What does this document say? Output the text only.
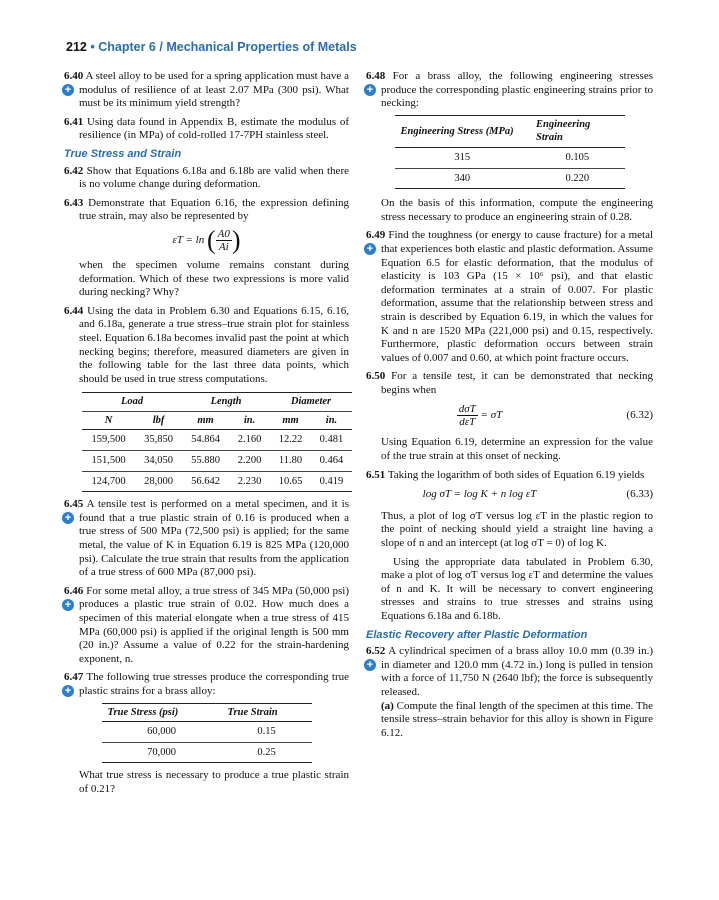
212 • Chapter 6 / Mechanical Properties of Metals
+
6.40 A steel alloy to be used for a spring application must have a modulus of resilience of at least 2.07 MPa (300 psi). What must be its minimum yield strength?
6.41 Using data found in Appendix B, estimate the modulus of resilience (in MPa) of cold-rolled 17-7PH stainless steel.
True Stress and Strain
6.42 Show that Equations 6.18a and 6.18b are valid when there is no volume change during deformation.
6.43 Demonstrate that Equation 6.16, the expression defining true strain, may also be represented by
εT = ln ( $\frac{A0}{Ai}$ )
when the specimen volume remains constant during deformation. Which of these two expressions is more valid during necking? Why?
6.44 Using the data in Problem 6.30 and Equations 6.15, 6.16, and 6.18a, generate a true stress–true strain plot for stainless steel. Equation 6.18a becomes invalid past the point at which necking begins; therefore, measured diameters are given in the following table for the last three data points, which should be used in true stress computations.
Load		Length		Diameter	
N	lbf	mm	in.	mm	in.
159,500	35,850	54.864	2.160	12.22	0.481
151,500	34,050	55.880	2.200	11.80	0.464
124,700	28,000	56.642	2.230	10.65	0.419
+
6.45 A tensile test is performed on a metal specimen, and it is found that a true plastic strain of 0.16 is produced when a true stress of 500 MPa (72,500 psi) is applied; for the same metal, the value of K in Equation 6.19 is 825 MPa (120,000 psi). Calculate the true strain that results from the application of a true stress of 600 MPa (87,000 psi).
+
6.46 For some metal alloy, a true stress of 345 MPa (50,000 psi) produces a plastic true strain of 0.02. How much does a specimen of this material elongate when a true stress of 415 MPa (60,000 psi) is applied if the original length is 500 mm (20 in.)? Assume a value of 0.22 for the strain-hardening exponent, n.
+
6.47 The following true stresses produce the corresponding true plastic strains for a brass alloy:
True Stress (psi)	True Strain
60,000	0.15
70,000	0.25
What true stress is necessary to produce a true plastic strain of 0.21?
+
6.48 For a brass alloy, the following engineering stresses produce the corresponding plastic engineering strains prior to necking:
Engineering Stress (MPa)	Engineering Strain
315	0.105
340	0.220
On the basis of this information, compute the engineering stress necessary to produce an engineering strain of 0.28.
+
6.49 Find the toughness (or energy to cause fracture) for a metal that experiences both elastic and plastic deformation. Assume Equation 6.5 for elastic deformation, that the modulus of elasticity is 103 GPa (15 × 10⁶ psi), and that elastic deformation terminates at a strain of 0.007. For plastic deformation, assume that the relationship between stress and strain is described by Equation 6.19, in which the values for K and n are 1520 MPa (221,000 psi) and 0.15, respectively. Furthermore, plastic deformation occurs between strain values of 0.007 and 0.60, at which point fracture occurs.
6.50 For a tensile test, it can be demonstrated that necking begins when
$\frac{\text{dσT}}{\text{dεT}} = \sigma T$	(6.32)
Using Equation 6.19, determine an expression for the value of the true strain at this onset of necking.
6.51 Taking the logarithm of both sides of Equation 6.19 yields
log σT = log K + n log εT	(6.33)
Thus, a plot of log σT versus log εT in the plastic region to the point of necking should yield a straight line having a slope of n and an intercept (at log σT = 0) of log K.
Using the appropriate data tabulated in Problem 6.30, make a plot of log σT versus log εT and determine the values of n and K. It will be necessary to convert engineering stresses and strains to true stresses and strains using Equations 6.18a and 6.18b.
Elastic Recovery after Plastic Deformation
+
6.52 A cylindrical specimen of a brass alloy 10.0 mm (0.39 in.) in diameter and 120.0 mm (4.72 in.) long is pulled in tension with a force of 11,750 N (2640 lbf); the force is subsequently released.
(a) Compute the final length of the specimen at this time. The tensile stress–strain behavior for this alloy is shown in Figure 6.12.
